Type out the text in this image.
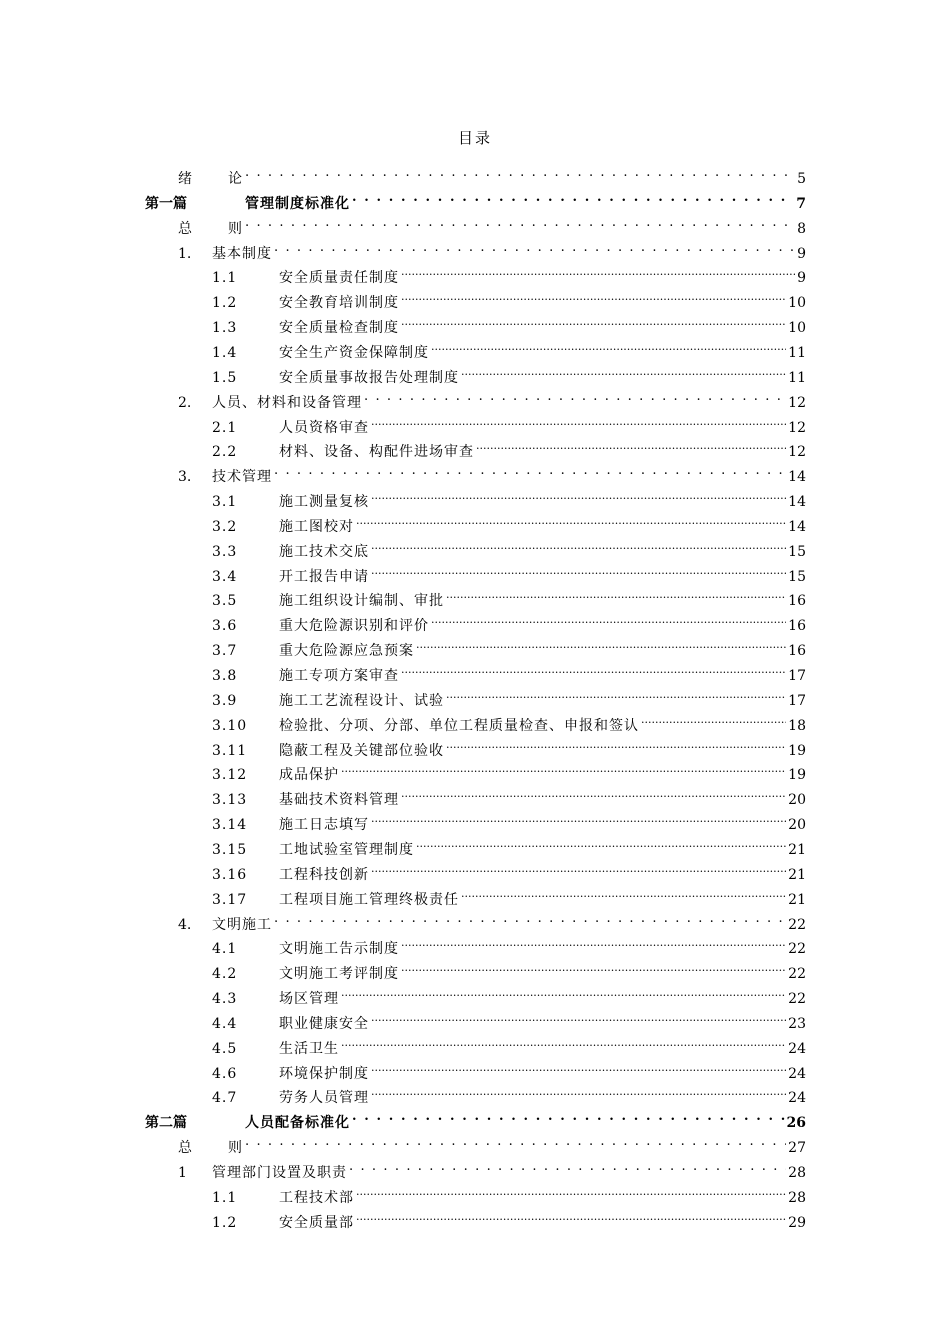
目录
绪	论 . . .	5
第一篇	管理制度标准化 . . .	7
总	则 . . .	8
1.	基本制度 . . .	9
1.1	安全质量责任制度 .....	9
1.2	安全教育培训制度 .....	10
1.3	安全质量检查制度 .....	10
1.4	安全生产资金保障制度 .....	11
1.5	安全质量事故报告处理制度 .....	11
2.	人员、材料和设备管理 . . .	12
2.1	人员资格审查 .....	12
2.2	材料、设备、构配件进场审查 .....	12
3.	技术管理 . . .	14
3.1	施工测量复核 .....	14
3.2	施工图校对 .....	14
3.3	施工技术交底 .....	15
3.4	开工报告申请 .....	15
3.5	施工组织设计编制、审批 .....	16
3.6	重大危险源识别和评价 .....	16
3.7	重大危险源应急预案 .....	16
3.8	施工专项方案审查 .....	17
3.9	施工工艺流程设计、试验 .....	17
3.10	检验批、分项、分部、单位工程质量检查、申报和签认 .....	18
3.11	隐蔽工程及关键部位验收 .....	19
3.12	成品保护 .....	19
3.13	基础技术资料管理 .....	20
3.14	施工日志填写 .....	20
3.15	工地试验室管理制度 .....	21
3.16	工程科技创新 .....	21
3.17	工程项目施工管理终极责任 .....	21
4.	文明施工 . . .	22
4.1	文明施工告示制度 .....	22
4.2	文明施工考评制度 .....	22
4.3	场区管理 .....	22
4.4	职业健康安全 .....	23
4.5	生活卫生 .....	24
4.6	环境保护制度 .....	24
4.7	劳务人员管理 .....	24
第二篇	人员配备标准化 . . .	26
总	则 . . .	27
1	管理部门设置及职责 . . .	28
1.1	工程技术部 .....	28
1.2	安全质量部 .....	29
